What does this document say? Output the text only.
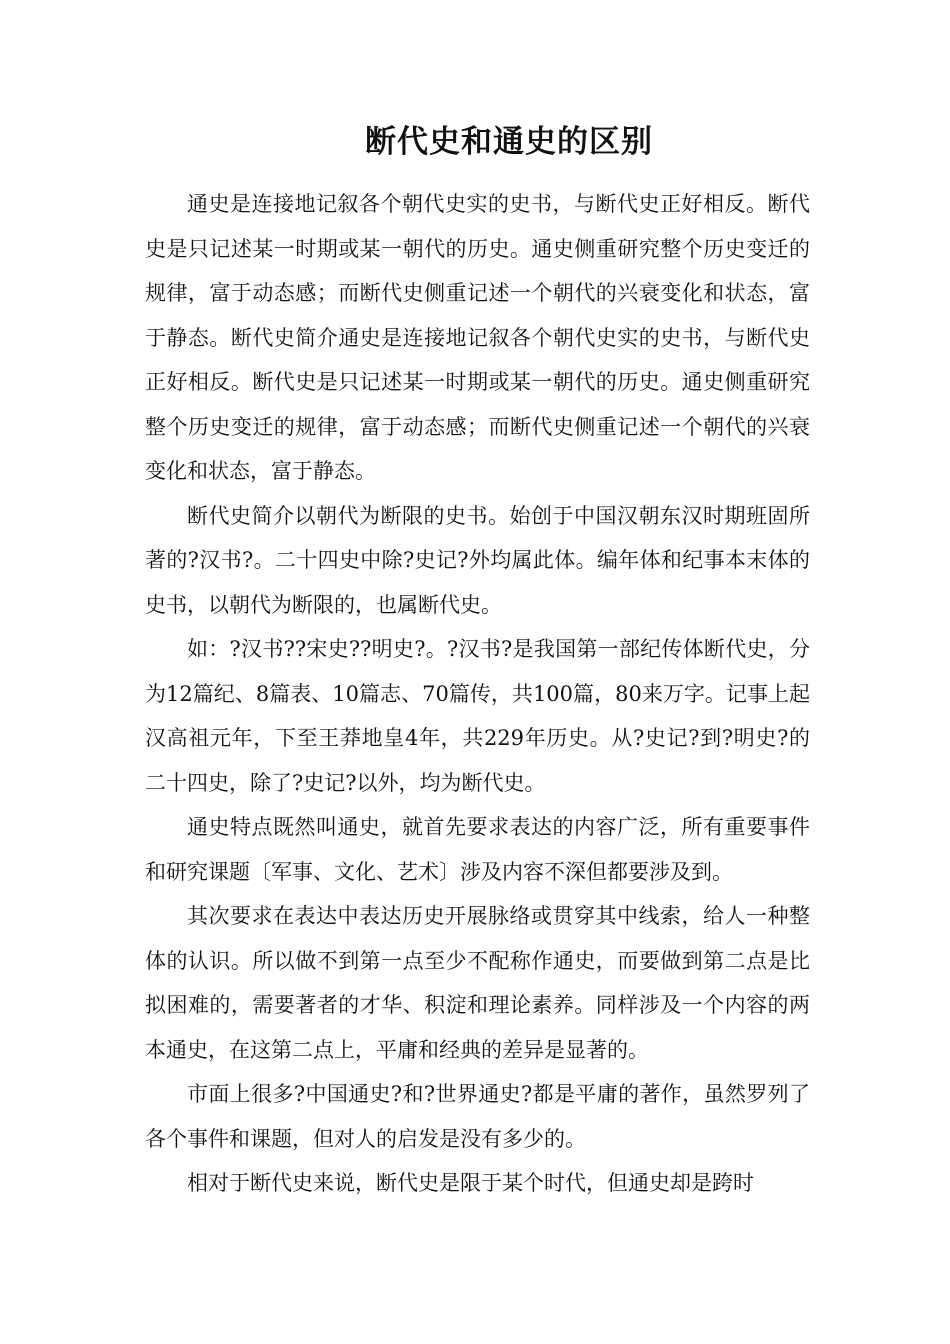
断代史和通史的区别

通史是连接地记叙各个朝代史实的史书，与断代史正好相反。断代史是只记述某一时期或某一朝代的历史。通史侧重研究整个历史变迁的规律，富于动态感；而断代史侧重记述一个朝代的兴衰变化和状态，富于静态。断代史简介通史是连接地记叙各个朝代史实的史书，与断代史正好相反。断代史是只记述某一时期或某一朝代的历史。通史侧重研究整个历史变迁的规律，富于动态感；而断代史侧重记述一个朝代的兴衰变化和状态，富于静态。

断代史简介以朝代为断限的史书。始创于中国汉朝东汉时期班固所著的?汉书?。二十四史中除?史记?外均属此体。编年体和纪事本末体的史书，以朝代为断限的，也属断代史。

如：?汉书??宋史??明史?。?汉书?是我国第一部纪传体断代史，分为12篇纪、8篇表、10篇志、70篇传，共100篇，80来万字。记事上起汉高祖元年，下至王莽地皇4年，共229年历史。从?史记?到?明史?的二十四史，除了?史记?以外，均为断代史。

通史特点既然叫通史，就首先要求表达的内容广泛，所有重要事件和研究课题〔军事、文化、艺术〕涉及内容不深但都要涉及到。

其次要求在表达中表达历史开展脉络或贯穿其中线索，给人一种整体的认识。所以做不到第一点至少不配称作通史，而要做到第二点是比拟困难的，需要著者的才华、积淀和理论素养。同样涉及一个内容的两本通史，在这第二点上，平庸和经典的差异是显著的。

市面上很多?中国通史?和?世界通史?都是平庸的著作，虽然罗列了各个事件和课题，但对人的启发是没有多少的。

相对于断代史来说，断代史是限于某个时代，但通史却是跨时
